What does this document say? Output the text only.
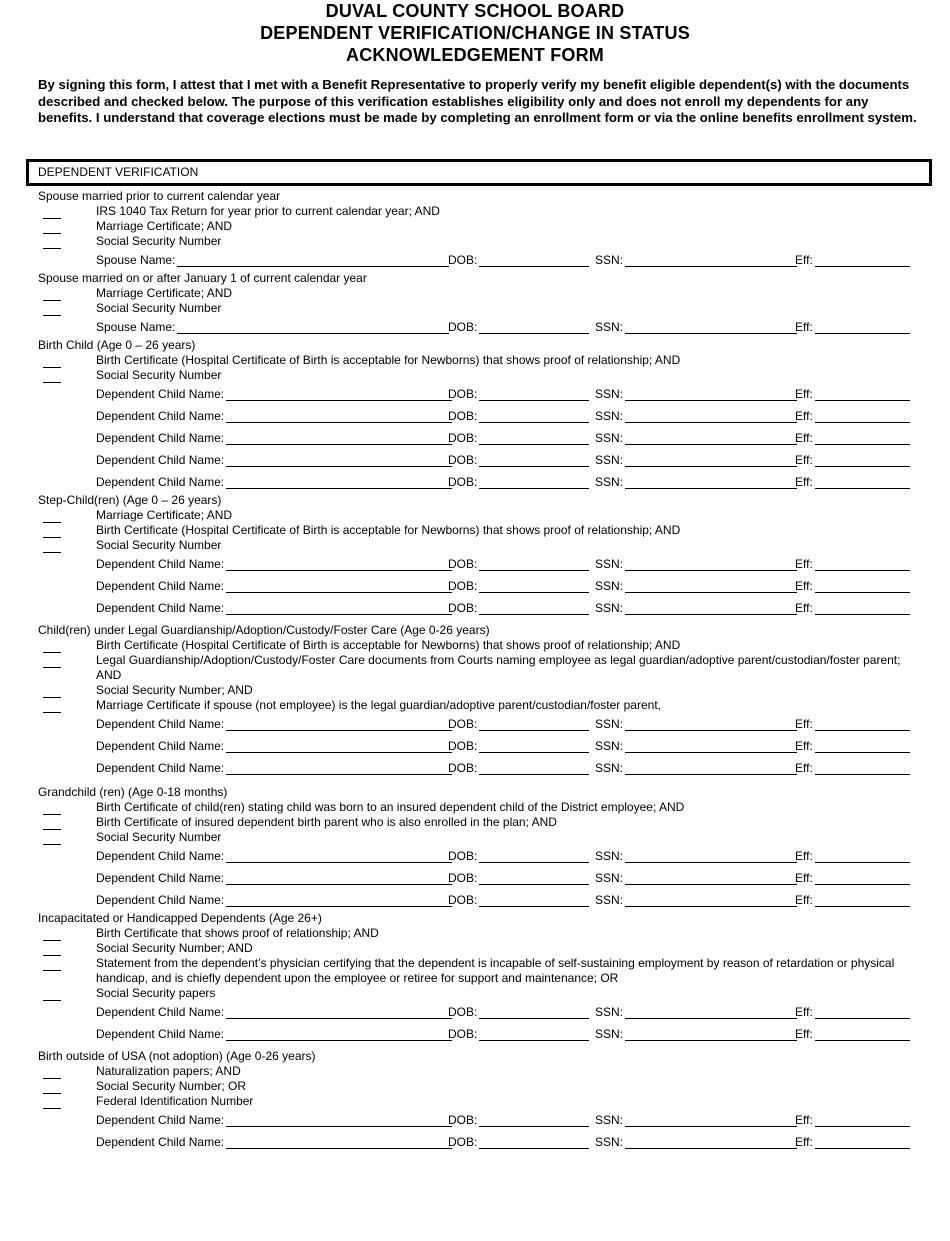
DUVAL COUNTY SCHOOL BOARD
DEPENDENT VERIFICATION/CHANGE IN STATUS
ACKNOWLEDGEMENT FORM
By signing this form, I attest that I met with a Benefit Representative to properly verify my benefit eligible dependent(s) with the documents described and checked below. The purpose of this verification establishes eligibility only and does not enroll my dependents for any benefits. I understand that coverage elections must be made by completing an enrollment form or via the online benefits enrollment system.
DEPENDENT VERIFICATION
Spouse married prior to current calendar year
IRS 1040 Tax Return for year prior to current calendar year; AND
Marriage Certificate; AND
Social Security Number
Spouse Name:	DOB:	SSN:	Eff:
Spouse married on or after January 1 of current calendar year
Marriage Certificate; AND
Social Security Number
Spouse Name:	DOB:	SSN:	Eff:
Birth Child (Age 0 – 26 years)
Birth Certificate (Hospital Certificate of Birth is acceptable for Newborns) that shows proof of relationship; AND
Social Security Number
Dependent Child Name:	DOB:	SSN:	Eff:
Dependent Child Name:	DOB:	SSN:	Eff:
Dependent Child Name:	DOB:	SSN:	Eff:
Dependent Child Name:	DOB:	SSN:	Eff:
Dependent Child Name:	DOB:	SSN:	Eff:
Step-Child(ren) (Age 0 – 26 years)
Marriage Certificate; AND
Birth Certificate (Hospital Certificate of Birth is acceptable for Newborns) that shows proof of relationship; AND
Social Security Number
Dependent Child Name:	DOB:	SSN:	Eff:
Dependent Child Name:	DOB:	SSN:	Eff:
Dependent Child Name:	DOB:	SSN:	Eff:
Child(ren) under Legal Guardianship/Adoption/Custody/Foster Care (Age 0-26 years)
Birth Certificate (Hospital Certificate of Birth is acceptable for Newborns) that shows proof of relationship; AND
Legal Guardianship/Adoption/Custody/Foster Care documents from Courts naming employee as legal guardian/adoptive parent/custodian/foster parent; AND
Social Security Number; AND
Marriage Certificate if spouse (not employee) is the legal guardian/adoptive parent/custodian/foster parent,
Dependent Child Name:	DOB:	SSN:	Eff:
Dependent Child Name:	DOB:	SSN:	Eff:
Dependent Child Name:	DOB:	SSN:	Eff:
Grandchild (ren) (Age 0-18 months)
Birth Certificate of child(ren) stating child was born to an insured dependent child of the District employee; AND
Birth Certificate of insured dependent birth parent who is also enrolled in the plan; AND
Social Security Number
Dependent Child Name:	DOB:	SSN:	Eff:
Dependent Child Name:	DOB:	SSN:	Eff:
Dependent Child Name:	DOB:	SSN:	Eff:
Incapacitated or Handicapped Dependents (Age 26+)
Birth Certificate that shows proof of relationship; AND
Social Security Number; AND
Statement from the dependent’s physician certifying that the dependent is incapable of self-sustaining employment by reason of retardation or physical handicap, and is chiefly dependent upon the employee or retiree for support and maintenance; OR
Social Security papers
Dependent Child Name:	DOB:	SSN:	Eff:
Dependent Child Name:	DOB:	SSN:	Eff:
Birth outside of USA (not adoption) (Age 0-26 years)
Naturalization papers; AND
Social Security Number; OR
Federal Identification Number
Dependent Child Name:	DOB:	SSN:	Eff:
Dependent Child Name:	DOB:	SSN:	Eff:
